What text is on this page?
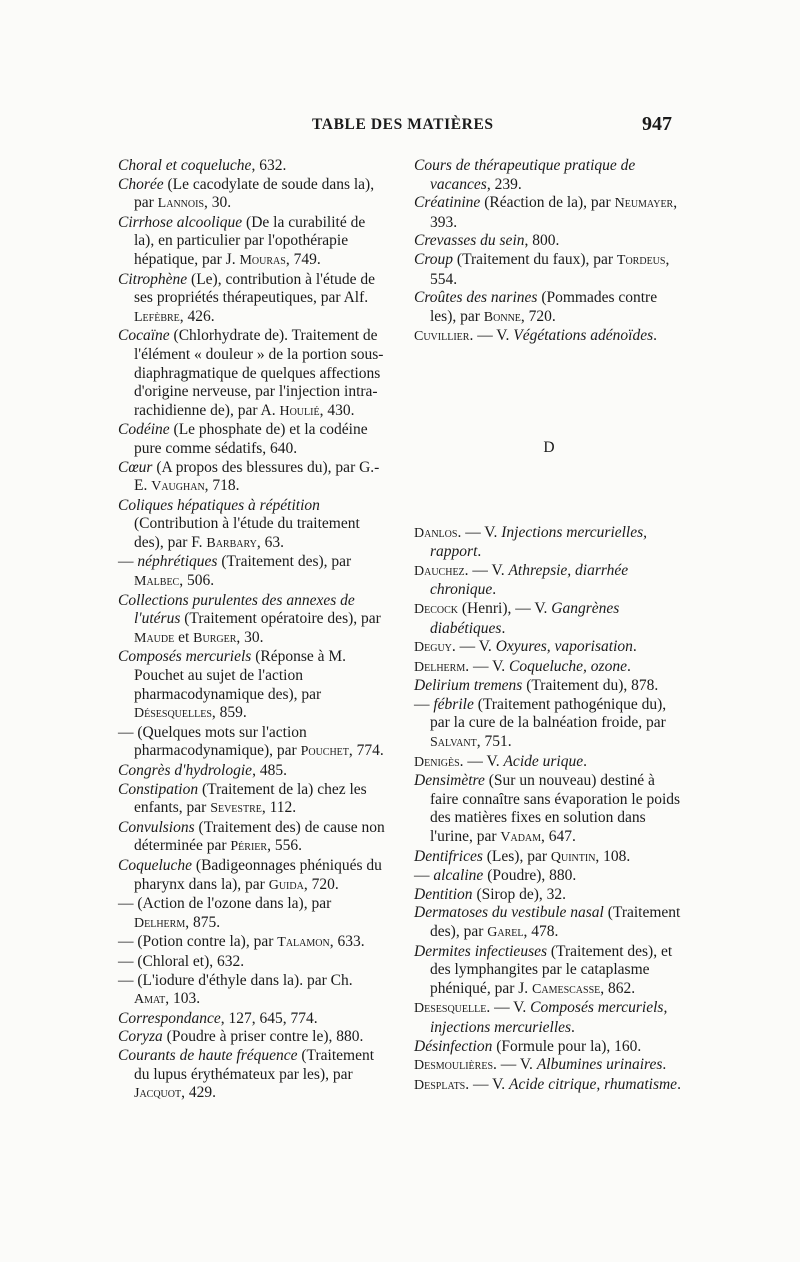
TABLE DES MATIÈRES	947

Choral et coqueluche, 632.

Chorée (Le cacodylate de soude dans la), par Lannois, 30.

Cirrhose alcoolique (De la curabilité de la), en particulier par l'opothérapie hépatique, par J. Mouras, 749.

Citrophène (Le), contribution à l'étude de ses propriétés thérapeutiques, par Alf. Lefèbre, 426.

Cocaïne (Chlorhydrate de). Traitement de l'élément « douleur » de la portion sous-diaphragmatique de quelques affections d'origine nerveuse, par l'injection intra-rachidienne de), par A. Houlié, 430.

Codéine (Le phosphate de) et la codéine pure comme sédatifs, 640.

Cœur (A propos des blessures du), par G.-E. Vaughan, 718.

Coliques hépatiques à répétition (Contribution à l'étude du traitement des), par F. Barbary, 63.

— néphrétiques (Traitement des), par Malbec, 506.

Collections purulentes des annexes de l'utérus (Traitement opératoire des), par Maude et Burger, 30.

Composés mercuriels (Réponse à M. Pouchet au sujet de l'action pharmacodynamique des), par Désesquelles, 859.

— (Quelques mots sur l'action pharmacodynamique), par Pouchet, 774.

Congrès d'hydrologie, 485.

Constipation (Traitement de la) chez les enfants, par Sevestre, 112.

Convulsions (Traitement des) de cause non déterminée par Périer, 556.

Coqueluche (Badigeonnages phéniqués du pharynx dans la), par Guida, 720.

— (Action de l'ozone dans la), par Delherm, 875.

— (Potion contre la), par Talamon, 633.

— (Chloral et), 632.

— (L'iodure d'éthyle dans la). par Ch. Amat, 103.

Correspondance, 127, 645, 774.

Coryza (Poudre à priser contre le), 880.

Courants de haute fréquence (Traitement du lupus érythémateux par les), par Jacquot, 429.

Cours de thérapeutique pratique de vacances, 239.

Créatinine (Réaction de la), par Neumayer, 393.

Crevasses du sein, 800.

Croup (Traitement du faux), par Tordeus, 554.

Croûtes des narines (Pommades contre les), par Bonne, 720.

Cuvillier. — V. Végétations adénoïdes.

D

Danlos. — V. Injections mercurielles, rapport.

Dauchez. — V. Athrepsie, diarrhée chronique.

Decock (Henri), — V. Gangrènes diabétiques.

Deguy. — V. Oxyures, vaporisation.

Delherm. — V. Coqueluche, ozone.

Delirium tremens (Traitement du), 878.

— fébrile (Traitement pathogénique du), par la cure de la balnéation froide, par Salvant, 751.

Denigès. — V. Acide urique.

Densimètre (Sur un nouveau) destiné à faire connaître sans évaporation le poids des matières fixes en solution dans l'urine, par Vadam, 647.

Dentifrices (Les), par Quintin, 108.

— alcaline (Poudre), 880.

Dentition (Sirop de), 32.

Dermatoses du vestibule nasal (Traitement des), par Garel, 478.

Dermites infectieuses (Traitement des), et des lymphangites par le cataplasme phéniqué, par J. Camescasse, 862.

Desesquelle. — V. Composés mercuriels, injections mercurielles.

Désinfection (Formule pour la), 160.

Desmoulières. — V. Albumines urinaires.

Desplats. — V. Acide citrique, rhumatisme.
